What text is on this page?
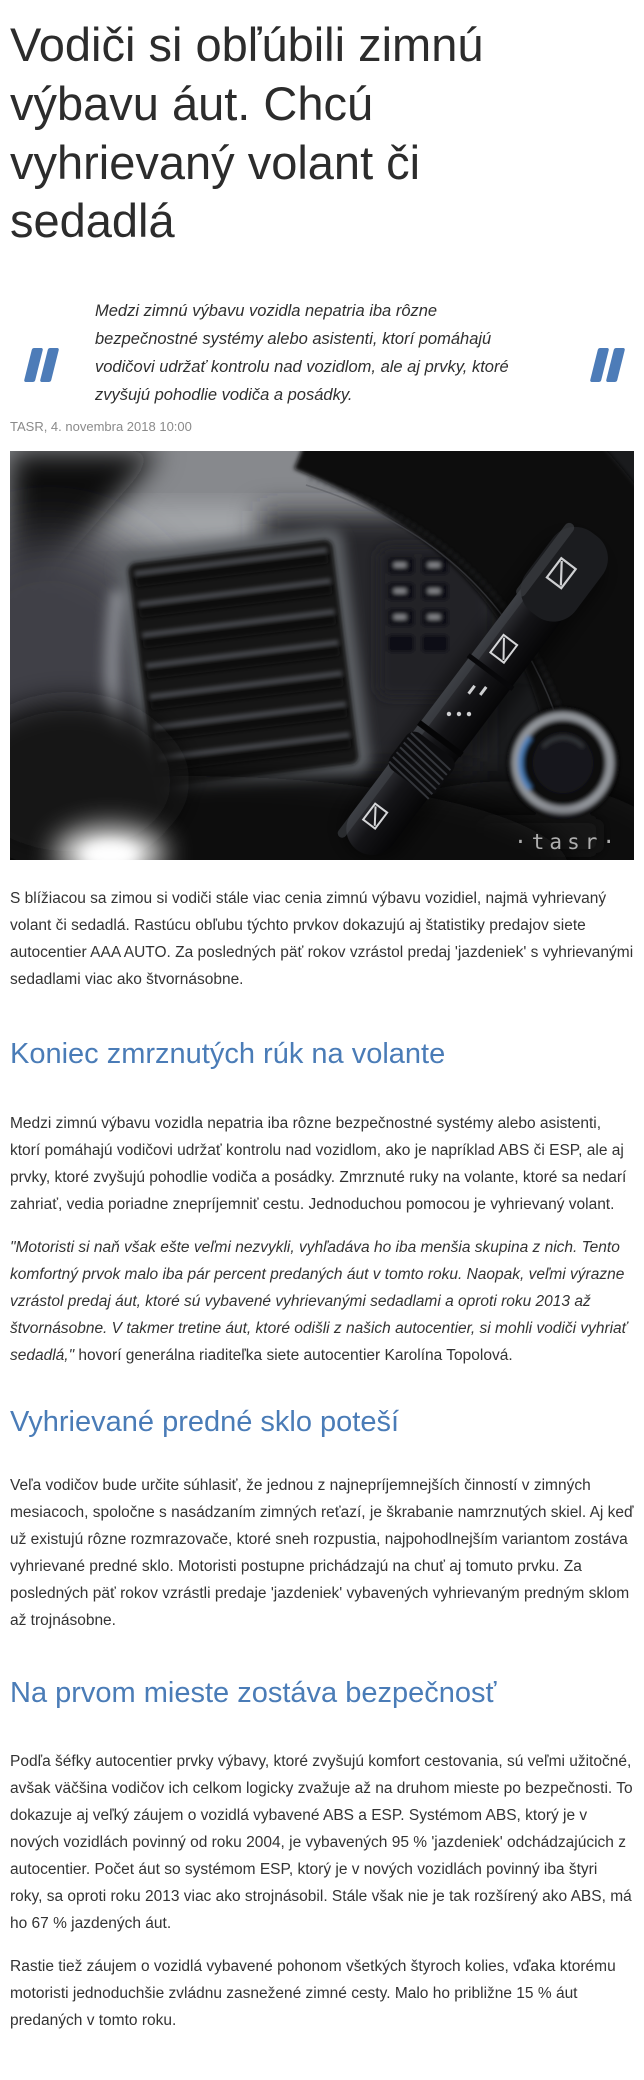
Vodiči si obľúbili zimnú výbavu áut. Chcú vyhrievaný volant či sedadlá
Medzi zimnú výbavu vozidla nepatria iba rôzne bezpečnostné systémy alebo asistenti, ktorí pomáhajú vodičovi udržať kontrolu nad vozidlom, ale aj prvky, ktoré zvyšujú pohodlie vodiča a posádky.

TASR, 4. novembra 2018 10:00

·tasr·

S blížiacou sa zimou si vodiči stále viac cenia zimnú výbavu vozidiel, najmä vyhrievaný volant či sedadlá. Rastúcu obľubu týchto prvkov dokazujú aj štatistiky predajov siete autocentier AAA AUTO. Za posledných päť rokov vzrástol predaj 'jazdeniek' s vyhrievanými sedadlami viac ako štvornásobne.

Koniec zmrznutých rúk na volante

Medzi zimnú výbavu vozidla nepatria iba rôzne bezpečnostné systémy alebo asistenti, ktorí pomáhajú vodičovi udržať kontrolu nad vozidlom, ako je napríklad ABS či ESP, ale aj prvky, ktoré zvyšujú pohodlie vodiča a posádky. Zmrznuté ruky na volante, ktoré sa nedarí zahriať, vedia poriadne znepríjemniť cestu. Jednoduchou pomocou je vyhrievaný volant.

"Motoristi si naň však ešte veľmi nezvykli, vyhľadáva ho iba menšia skupina z nich. Tento komfortný prvok malo iba pár percent predaných áut v tomto roku. Naopak, veľmi výrazne vzrástol predaj áut, ktoré sú vybavené vyhrievanými sedadlami a oproti roku 2013 až štvornásobne. V takmer tretine áut, ktoré odišli z našich autocentier, si mohli vodiči vyhriať sedadlá," hovorí generálna riaditeľka siete autocentier Karolína Topolová.

Vyhrievané predné sklo poteší

Veľa vodičov bude určite súhlasiť, že jednou z najnepríjemnejších činností v zimných mesiacoch, spoločne s nasádzaním zimných reťazí, je škrabanie namrznutých skiel. Aj keď už existujú rôzne rozmrazovače, ktoré sneh rozpustia, najpohodlnejším variantom zostáva vyhrievané predné sklo. Motoristi postupne prichádzajú na chuť aj tomuto prvku. Za posledných päť rokov vzrástli predaje 'jazdeniek' vybavených vyhrievaným predným sklom až trojnásobne.

Na prvom mieste zostáva bezpečnosť

Podľa šéfky autocentier prvky výbavy, ktoré zvyšujú komfort cestovania, sú veľmi užitočné, avšak väčšina vodičov ich celkom logicky zvažuje až na druhom mieste po bezpečnosti. To dokazuje aj veľký záujem o vozidlá vybavené ABS a ESP. Systémom ABS, ktorý je v nových vozidlách povinný od roku 2004, je vybavených 95 % 'jazdeniek' odchádzajúcich z autocentier. Počet áut so systémom ESP, ktorý je v nových vozidlách povinný iba štyri roky, sa oproti roku 2013 viac ako strojnásobil. Stále však nie je tak rozšírený ako ABS, má ho 67 % jazdených áut.

Rastie tiež záujem o vozidlá vybavené pohonom všetkých štyroch kolies, vďaka ktorému motoristi jednoduchšie zvládnu zasnežené zimné cesty. Malo ho približne 15 % áut predaných v tomto roku.
